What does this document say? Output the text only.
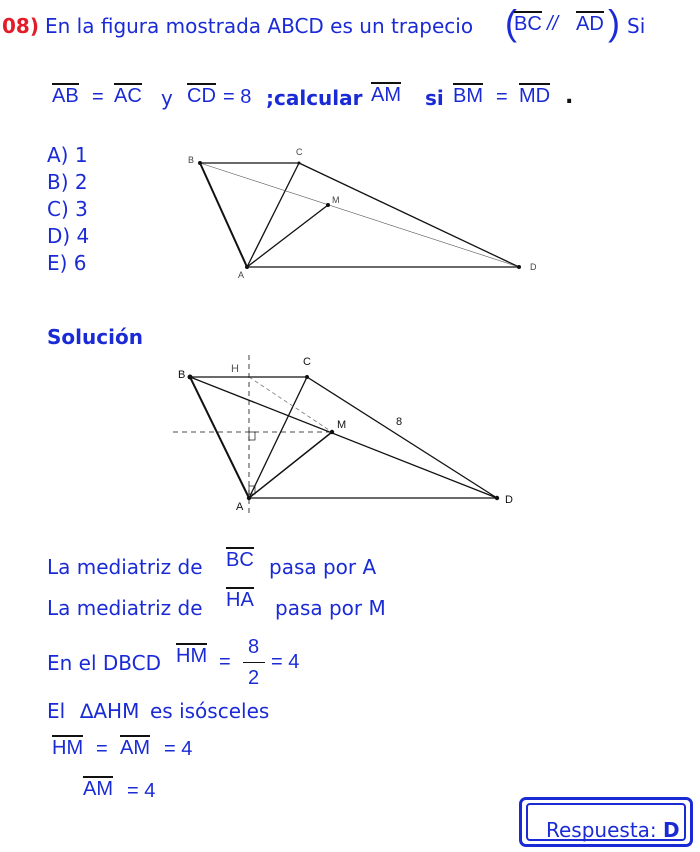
08) En la figura mostrada ABCD es un trapecio (
BC // AD ) Si
AB = AC y CD = 8 ;calcular AM si BM = MD .
A) 1
B) 2
C) 3
D) 4
E) 6
B
C
M
A
D
Solución
B	H
C
M	8
A
D
La mediatriz de BC pasa por A
La mediatriz de HA pasa por M
En el DBCD HM =
8
2
= 4
El ∆AHM es isósceles
HM = AM = 4
AM = 4
Respuesta: D
